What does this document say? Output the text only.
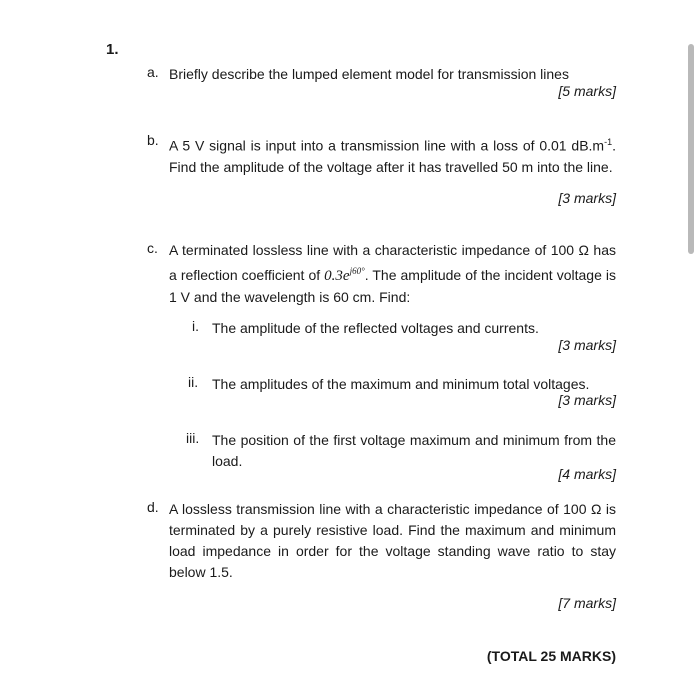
1.
a. Briefly describe the lumped element model for transmission lines
[5 marks]
b. A 5 V signal is input into a transmission line with a loss of 0.01 $dB.m^{-1}$. Find the amplitude of the voltage after it has travelled 50 m into the line.
[3 marks]
c. A terminated lossless line with a characteristic impedance of 100 Ω has a reflection coefficient of $0.3e^{j60^\circ}$. The amplitude of the incident voltage is 1 V and the wavelength is 60 cm. Find:
i. The amplitude of the reflected voltages and currents.
[3 marks]
ii. The amplitudes of the maximum and minimum total voltages.
[3 marks]
iii. The position of the first voltage maximum and minimum from the load.
[4 marks]
d. A lossless transmission line with a characteristic impedance of 100 Ω is terminated by a purely resistive load. Find the maximum and minimum load impedance in order for the voltage standing wave ratio to stay below 1.5.
[7 marks]
(TOTAL 25 MARKS)
